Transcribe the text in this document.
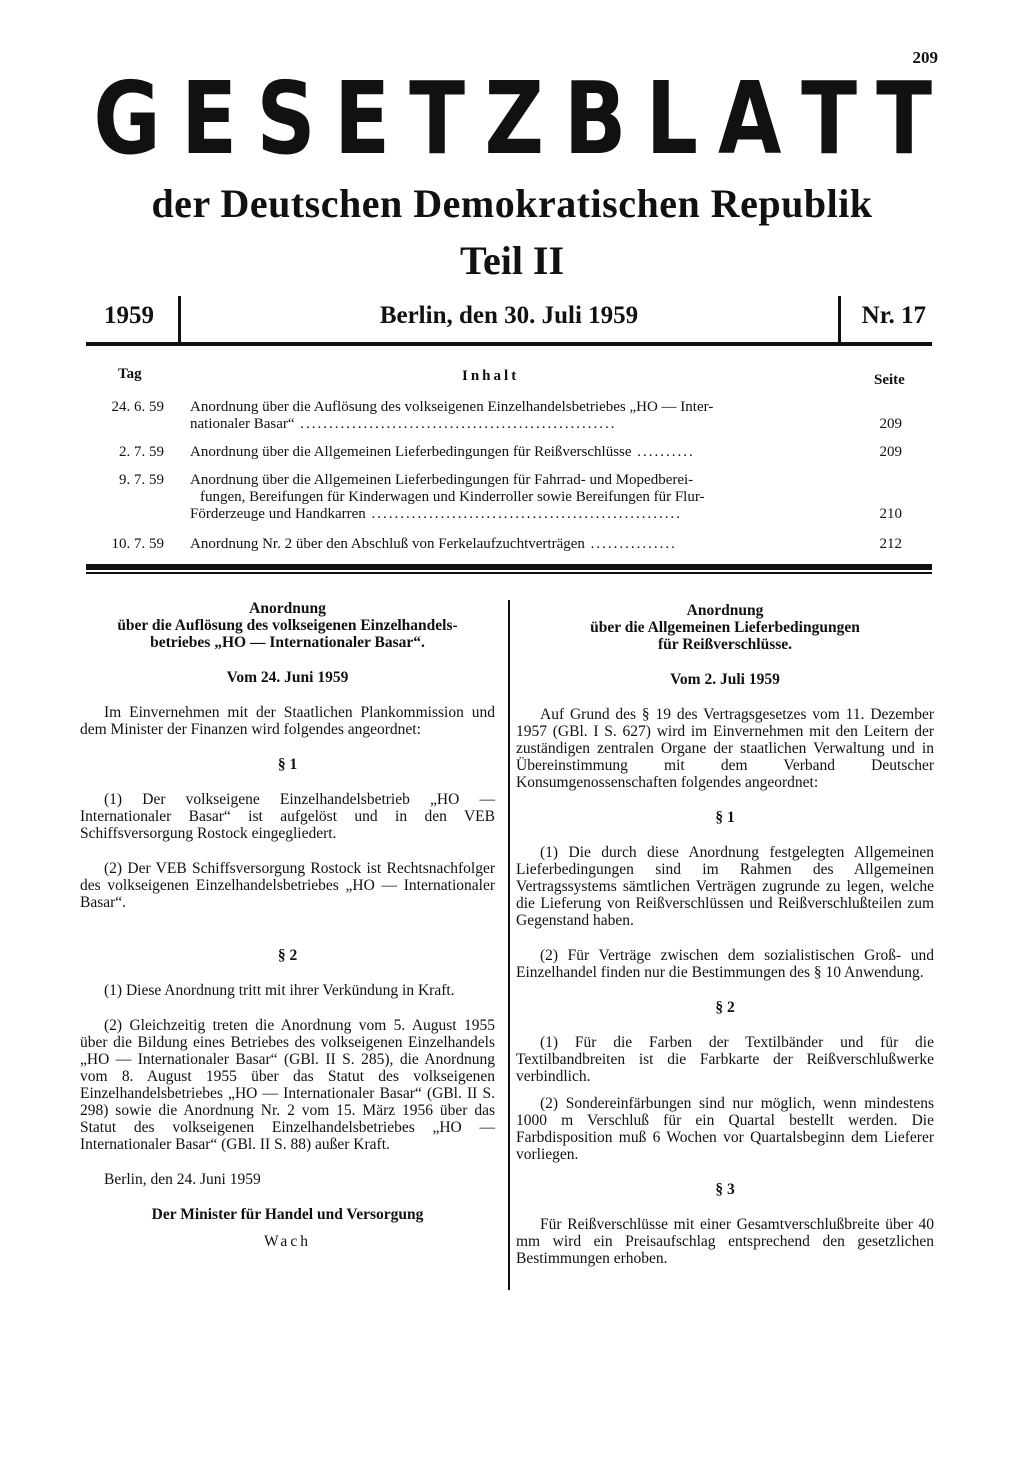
209
G E S E T Z B L A T T
der Deutschen Demokratischen Republik
Teil II
1959	Berlin, den 30. Juli 1959	Nr. 17
Tag	Inhalt	Seite
24. 6. 59 Anordnung über die Auflösung des volkseigenen Einzelhandelsbetriebes „HO — Inter-
nationaler Basar“ .......................................................	209
2. 7. 59 Anordnung über die Allgemeinen Lieferbedingungen für Reißverschlüsse ..........	209
9. 7. 59 Anordnung über die Allgemeinen Lieferbedingungen für Fahrrad- und Mopedberei-
fungen, Bereifungen für Kinderwagen und Kinderroller sowie Bereifungen für Flur-
Förderzeuge und Handkarren ......................................................	210
10. 7. 59 Anordnung Nr. 2 über den Abschluß von Ferkelaufzuchtverträgen ...............	212
Anordnung
über die Auflösung des volkseigenen Einzelhandels-
betriebes „HO — Internationaler Basar“.
Vom 24. Juni 1959

Im Einvernehmen mit der Staatlichen Plankommission und dem Minister der Finanzen wird folgendes angeordnet:

§ 1

(1) Der volkseigene Einzelhandelsbetrieb „HO — Internationaler Basar“ ist aufgelöst und in den VEB Schiffsversorgung Rostock eingegliedert.

(2) Der VEB Schiffsversorgung Rostock ist Rechtsnachfolger des volkseigenen Einzelhandelsbetriebes „HO — Internationaler Basar“.

§ 2

(1) Diese Anordnung tritt mit ihrer Verkündung in Kraft.

(2) Gleichzeitig treten die Anordnung vom 5. August 1955 über die Bildung eines Betriebes des volkseigenen Einzelhandels „HO — Internationaler Basar“ (GBl. II S. 285), die Anordnung vom 8. August 1955 über das Statut des volkseigenen Einzelhandelsbetriebes „HO — Internationaler Basar“ (GBl. II S. 298) sowie die Anordnung Nr. 2 vom 15. März 1956 über das Statut des volkseigenen Einzelhandelsbetriebes „HO — Internationaler Basar“ (GBl. II S. 88) außer Kraft.

Berlin, den 24. Juni 1959

Der Minister für Handel und Versorgung
Wach
Anordnung
über die Allgemeinen Lieferbedingungen
für Reißverschlüsse.
Vom 2. Juli 1959

Auf Grund des § 19 des Vertragsgesetzes vom 11. Dezember 1957 (GBl. I S. 627) wird im Einvernehmen mit den Leitern der zuständigen zentralen Organe der staatlichen Verwaltung und in Übereinstimmung mit dem Verband Deutscher Konsumgenossenschaften folgendes angeordnet:

§ 1

(1) Die durch diese Anordnung festgelegten Allgemeinen Lieferbedingungen sind im Rahmen des Allgemeinen Vertragssystems sämtlichen Verträgen zugrunde zu legen, welche die Lieferung von Reißverschlüssen und Reißverschlußteilen zum Gegenstand haben.

(2) Für Verträge zwischen dem sozialistischen Groß- und Einzelhandel finden nur die Bestimmungen des § 10 Anwendung.

§ 2

(1) Für die Farben der Textilbänder und für die Textilbandbreiten ist die Farbkarte der Reißverschlußwerke verbindlich.

(2) Sondereinfärbungen sind nur möglich, wenn mindestens 1000 m Verschluß für ein Quartal bestellt werden. Die Farbdisposition muß 6 Wochen vor Quartalsbeginn dem Lieferer vorliegen.

§ 3

Für Reißverschlüsse mit einer Gesamtverschlußbreite über 40 mm wird ein Preisaufschlag entsprechend den gesetzlichen Bestimmungen erhoben.
